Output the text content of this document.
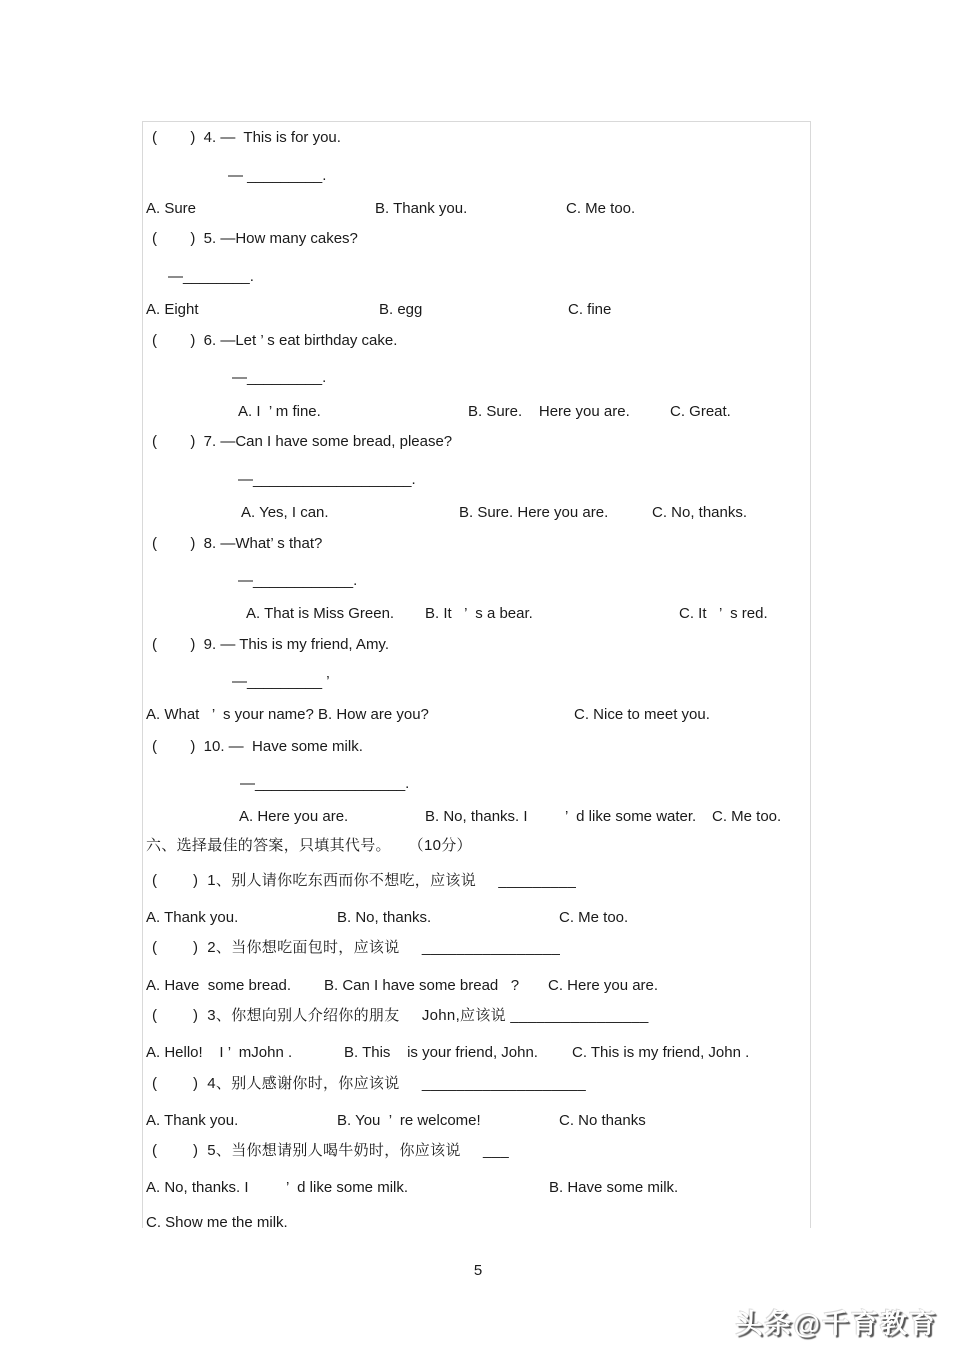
(        )  4. —  This is for you.
— _________.
A. Sure	B. Thank you.	C. Me too.
(        )  5. —How many cakes?
—________.
A. Eight	B. egg	C. fine
(        )  6. —Let ’ s eat birthday cake.
—_________.
A. I  ’ m fine.	B. Sure.    Here you are.	C. Great.
(        )  7. —Can I have some bread, please?
—___________________.
A. Yes, I can.	B. Sure. Here you are.	C. No, thanks.
(        )  8. —What’ s that?
—____________.
A. That is Miss Green. B. It   ’  s a bear.	C. It   ’  s red.
(        )  9. — This is my friend, Amy.
—_________ ’
A. What   ’  s your name? B. How are you?	C. Nice to meet you.
(        )  10. —  Have some milk.
—__________________.
A. Here you are.	B. No, thanks. I         ’  d like some water. C. Me too.
六、选择最佳的答案，只填其代号。    （10分）
(        )  1、别人请你吃东西而你不想吃，应该说     _________
A. Thank you.	B. No, thanks.	C. Me too.
(        )  2、当你想吃面包时，应该说     ________________
A. Have  some bread. B. Can I have some bread   ? C. Here you are.
(        )  3、你想向别人介绍你的朋友     John,应该说 ________________
A. Hello!    I ’  mJohn .	B. This    is your friend, John. C. This is my friend, John .
(        )  4、别人感谢你时，你应该说     ___________________
A. Thank you.	B. You  ’  re welcome!	C. No thanks
(        )  5、当你想请别人喝牛奶时，你应该说     ___
A. No, thanks. I         ’  d like some milk.	B. Have some milk.
C. Show me the milk.
5
头条@千育教育
